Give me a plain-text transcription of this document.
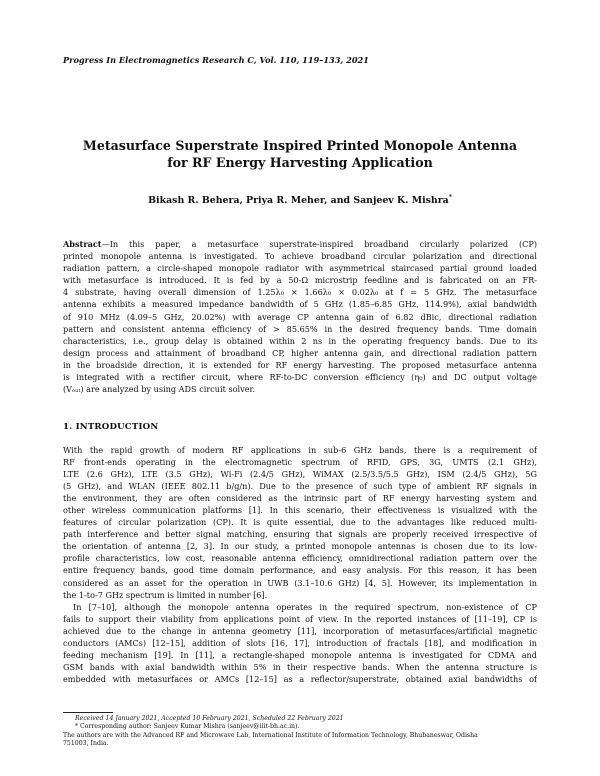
Progress In Electromagnetics Research C, Vol. 110, 119–133, 2021
Metasurface Superstrate Inspired Printed Monopole Antenna
for RF Energy Harvesting Application
Bikash R. Behera, Priya R. Meher, and Sanjeev K. Mishra*
Abstract—In this paper, a metasurface superstrate-inspired broadband circularly polarized (CP)
printed monopole antenna is investigated. To achieve broadband circular polarization and directional
radiation pattern, a circle-shaped monopole radiator with asymmetrical staircased partial ground loaded
with metasurface is introduced. It is fed by a 50-Ω microstrip feedline and is fabricated on an FR-
4 substrate, having overall dimension of 1.25λ₀ × 1.66λ₀ × 0.02λ₀ at f = 5 GHz. The metasurface
antenna exhibits a measured impedance bandwidth of 5 GHz (1.85–6.85 GHz, 114.9%), axial bandwidth
of 910 MHz (4.09–5 GHz, 20.02%) with average CP antenna gain of 6.82 dBic, directional radiation
pattern and consistent antenna efficiency of > 85.65% in the desired frequency bands. Time domain
characteristics, i.e., group delay is obtained within 2 ns in the operating frequency bands. Due to its
design process and attainment of broadband CP, higher antenna gain, and directional radiation pattern
in the broadside direction, it is extended for RF energy harvesting. The proposed metasurface antenna
is integrated with a rectifier circuit, where RF-to-DC conversion efficiency (η₀) and DC output voltage
(Vₒᵤₜ) are analyzed by using ADS circuit solver.
1. INTRODUCTION
With the rapid growth of modern RF applications in sub-6 GHz bands, there is a requirement of
RF front-ends operating in the electromagnetic spectrum of RFID, GPS, 3G, UMTS (2.1 GHz),
LTE (2.6 GHz), LTE (3.5 GHz), Wi-Fi (2.4/5 GHz), WiMAX (2.5/3.5/5.5 GHz), ISM (2.4/5 GHz), 5G
(5 GHz), and WLAN (IEEE 802.11 b/g/n). Due to the presence of such type of ambient RF signals in
the environment, they are often considered as the intrinsic part of RF energy harvesting system and
other wireless communication platforms [1]. In this scenario, their effectiveness is visualized with the
features of circular polarization (CP). It is quite essential, due to the advantages like reduced multi-
path interference and better signal matching, ensuring that signals are properly received irrespective of
the orientation of antenna [2, 3]. In our study, a printed monopole antennas is chosen due to its low-
profile characteristics, low cost, reasonable antenna efficiency, omnidirectional radiation pattern over the
entire frequency bands, good time domain performance, and easy analysis. For this reason, it has been
considered as an asset for the operation in UWB (3.1–10.6 GHz) [4, 5]. However, its implementation in
the 1-to-7 GHz spectrum is limited in number [6].
In [7–10], although the monopole antenna operates in the required spectrum, non-existence of CP
fails to support their viability from applications point of view. In the reported instances of [11–19], CP is
achieved due to the change in antenna geometry [11], incorporation of metasurfaces/artificial magnetic
conductors (AMCs) [12–15], addition of slots [16, 17], introduction of fractals [18], and modification in
feeding mechanism [19]. In [11], a rectangle-shaped monopole antenna is investigated for CDMA and
GSM bands with axial bandwidth within 5% in their respective bands. When the antenna structure is
embedded with metasurfaces or AMCs [12–15] as a reflector/superstrate, obtained axial bandwidths of
Received 14 January 2021, Accepted 10 February 2021, Scheduled 22 February 2021
* Corresponding author: Sanjeev Kumar Mishra (sanjeev@iiit-bh.ac.in).
The authors are with the Advanced RF and Microwave Lab, International Institute of Information Technology, Bhubaneswar, Odisha
751003, India.
